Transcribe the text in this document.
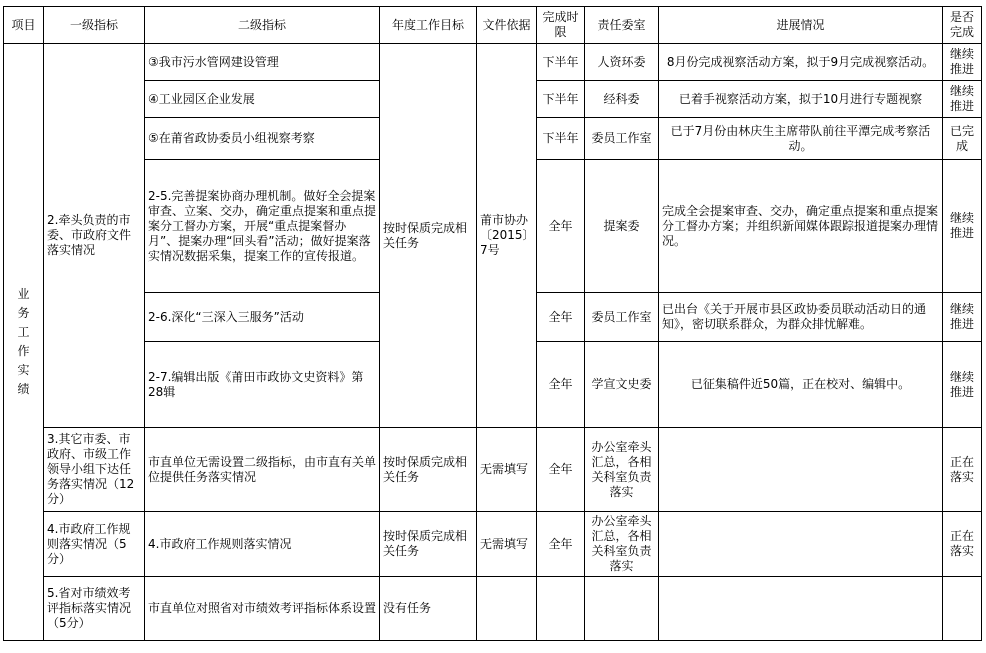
项目	一级指标	二级指标	年度工作目标	文件依据	完成时限	责任委室	进展情况	是否完成

业务工作实绩	2.牵头负责的市委、市政府文件落实情况	③我市污水管网建设管理	按时保质完成相关任务	莆市协办〔2015〕7号	下半年	人资环委	8月份完成视察活动方案，拟于9月完成视察活动。	继续推进
		④工业园区企业发展			下半年	经科委	已着手视察活动方案，拟于10月进行专题视察	继续推进
		⑤在莆省政协委员小组视察考察			下半年	委员工作室	已于7月份由林庆生主席带队前往平潭完成考察活动。	已完成
		2-5.完善提案协商办理机制。做好全会提案审查、立案、交办，确定重点提案和重点提案分工督办方案，开展“重点提案督办月”、提案办理“回头看”活动；做好提案落实情况数据采集，提案工作的宣传报道。			全年	提案委	完成全会提案审查、交办，确定重点提案和重点提案分工督办方案；并组织新闻媒体跟踪报道提案办理情况。	继续推进
		2-6.深化“三深入三服务”活动			全年	委员工作室	已出台《关于开展市县区政协委员联动活动日的通知》，密切联系群众，为群众排忧解难。	继续推进
		2-7.编辑出版《莆田市政协文史资料》第28辑			全年	学宣文史委	已征集稿件近50篇，正在校对、编辑中。	继续推进
	3.其它市委、市政府、市级工作领导小组下达任务落实情况（12分）	市直单位无需设置二级指标，由市直有关单位提供任务落实情况	按时保质完成相关任务	无需填写	全年	办公室牵头汇总，各相关科室负责落实		正在落实
	4.市政府工作规则落实情况（5分）	4.市政府工作规则落实情况	按时保质完成相关任务	无需填写	全年	办公室牵头汇总，各相关科室负责落实		正在落实
	5.省对市绩效考评指标落实情况（5分）	市直单位对照省对市绩效考评指标体系设置	没有任务					
